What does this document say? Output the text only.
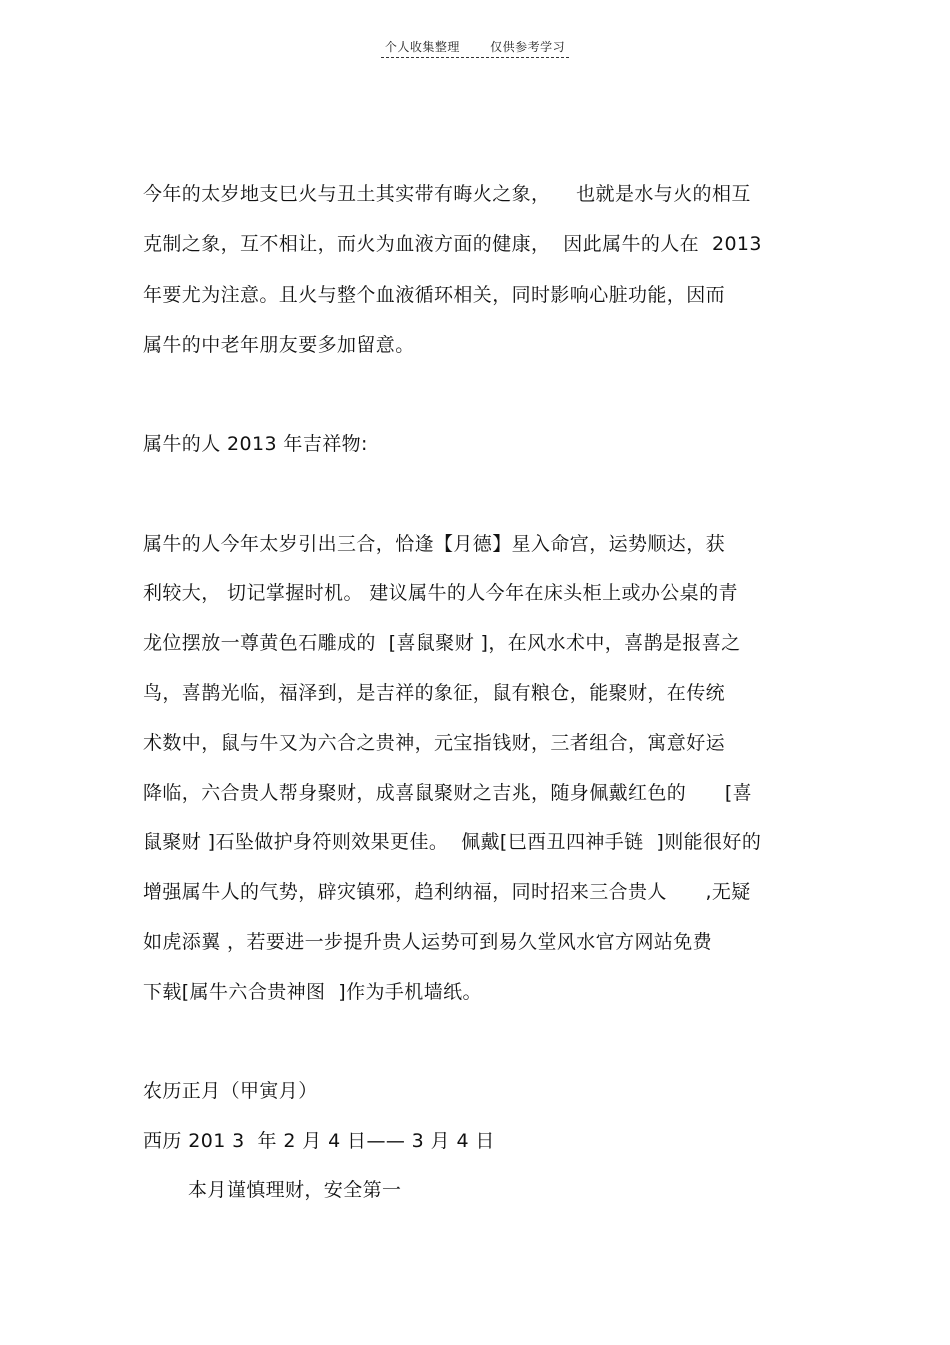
个人收集整理	仅供参考学习
今年的太岁地支巳火与丑土其实带有晦火之象，    也就是水与火的相互
克制之象，互不相让，而火为血液方面的健康，  因此属牛的人在  2013
年要尤为注意。且火与整个血液循环相关，同时影响心脏功能，因而
属牛的中老年朋友要多加留意。
属牛的人 2013 年吉祥物:
属牛的人今年太岁引出三合，恰逢【月德】星入命宫，运势顺达，获
利较大， 切记掌握时机。 建议属牛的人今年在床头柜上或办公桌的青
龙位摆放一尊黄色石雕成的  [喜鼠聚财 ]，在风水术中，喜鹊是报喜之
鸟，喜鹊光临，福泽到，是吉祥的象征，鼠有粮仓，能聚财，在传统
术数中，鼠与牛又为六合之贵神，元宝指钱财，三者组合，寓意好运
降临，六合贵人帮身聚财，成喜鼠聚财之吉兆，随身佩戴红色的      [喜
鼠聚财 ]石坠做护身符则效果更佳。  佩戴[巳酉丑四神手链  ]则能很好的
增强属牛人的气势，辟灾镇邪，趋利纳福，同时招来三合贵人      ,无疑
如虎添翼 ，若要进一步提升贵人运势可到易久堂风水官方网站免费
下载[属牛六合贵神图  ]作为手机墙纸。
农历正月（甲寅月）
西历 201 3  年 2 月 4 日—— 3 月 4 日
本月谨慎理财，安全第一
